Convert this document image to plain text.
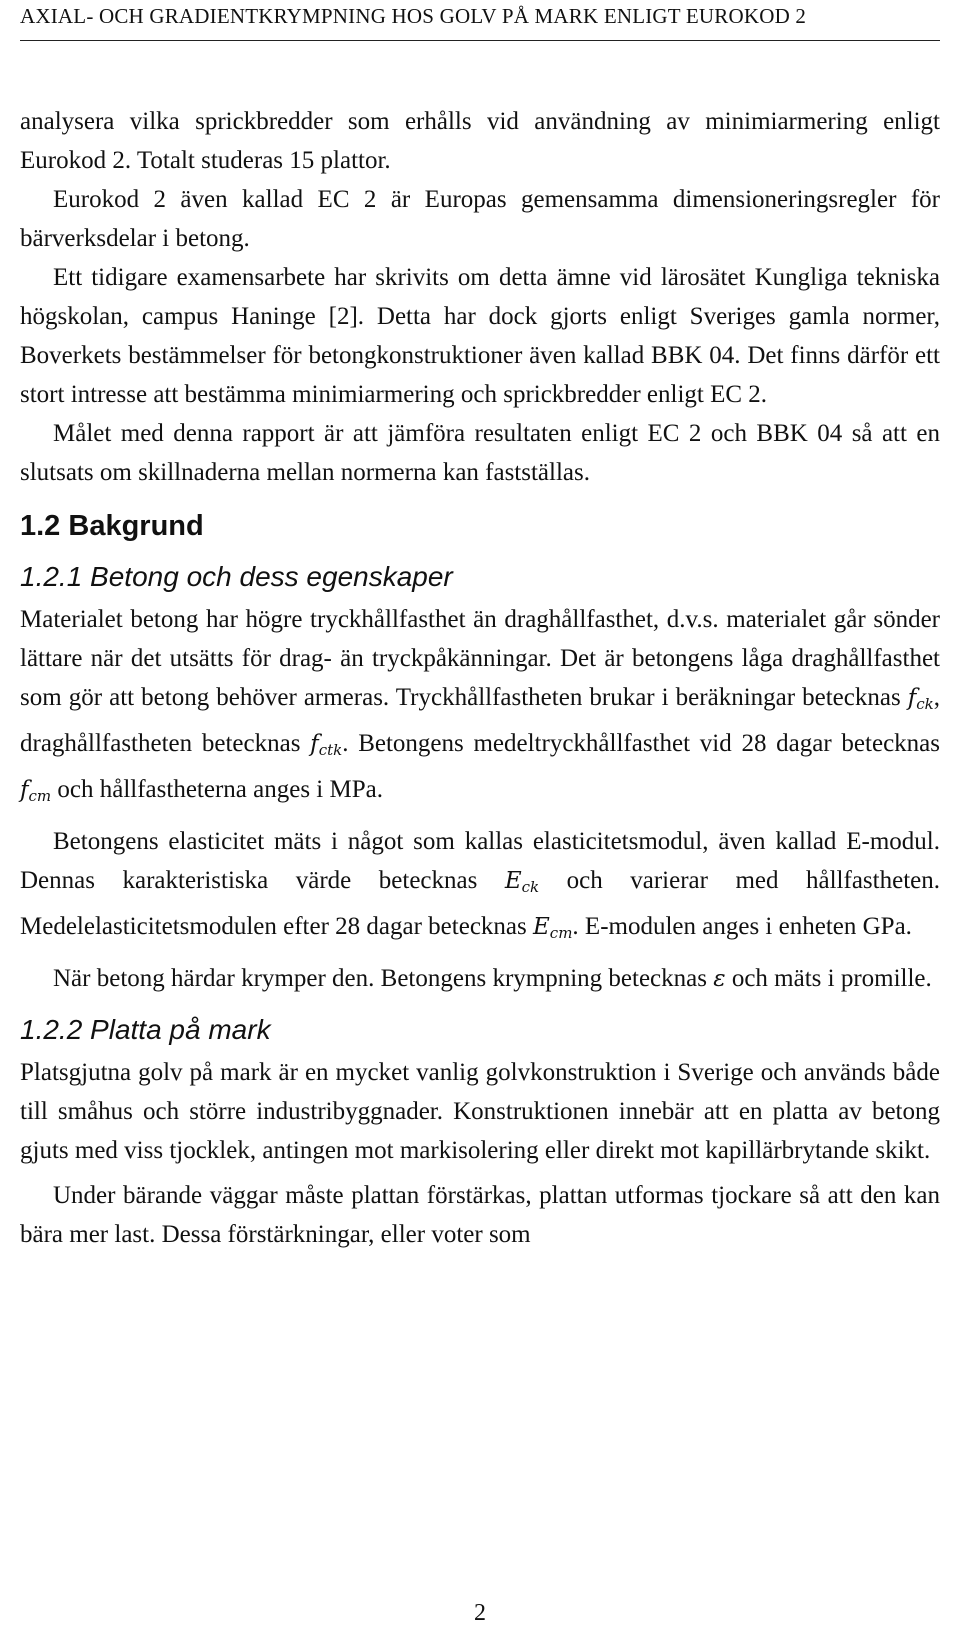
AXIAL- OCH GRADIENTKRYMPNING HOS GOLV PÅ MARK ENLIGT EUROKOD 2

analysera vilka sprickbredder som erhålls vid användning av minimiarmering enligt Eurokod 2. Totalt studeras 15 plattor.

Eurokod 2 även kallad EC 2 är Europas gemensamma dimensioneringsregler för bärverksdelar i betong.

Ett tidigare examensarbete har skrivits om detta ämne vid lärosätet Kungliga tekniska högskolan, campus Haninge [2]. Detta har dock gjorts enligt Sveriges gamla normer, Boverkets bestämmelser för betongkonstruktioner även kallad BBK 04. Det finns därför ett stort intresse att bestämma minimiarmering och sprickbredder enligt EC 2.

Målet med denna rapport är att jämföra resultaten enligt EC 2 och BBK 04 så att en slutsats om skillnaderna mellan normerna kan fastställas.

1.2 Bakgrund
1.2.1 Betong och dess egenskaper

Materialet betong har högre tryckhållfasthet än draghållfasthet, d.v.s. materialet går sönder lättare när det utsätts för drag- än tryckpåkänningar. Det är betongens låga draghållfasthet som gör att betong behöver armeras. Tryckhållfastheten brukar i beräkningar betecknas $f_{ck}$, draghållfastheten betecknas $f_{ctk}$. Betongens medeltryckhållfasthet vid 28 dagar betecknas $f_{cm}$ och hållfastheterna anges i MPa.

Betongens elasticitet mäts i något som kallas elasticitetsmodul, även kallad E-modul. Dennas karakteristiska värde betecknas $E_{ck}$ och varierar med hållfastheten. Medelelasticitetsmodulen efter 28 dagar betecknas $E_{cm}$. E-modulen anges i enheten GPa.

När betong härdar krymper den. Betongens krympning betecknas ε och mäts i promille.

1.2.2 Platta på mark

Platsgjutna golv på mark är en mycket vanlig golvkonstruktion i Sverige och används både till småhus och större industribyggnader. Konstruktionen innebär att en platta av betong gjuts med viss tjocklek, antingen mot markisolering eller direkt mot kapillärbrytande skikt.

Under bärande väggar måste plattan förstärkas, plattan utformas tjockare så att den kan bära mer last. Dessa förstärkningar, eller voter som

2
